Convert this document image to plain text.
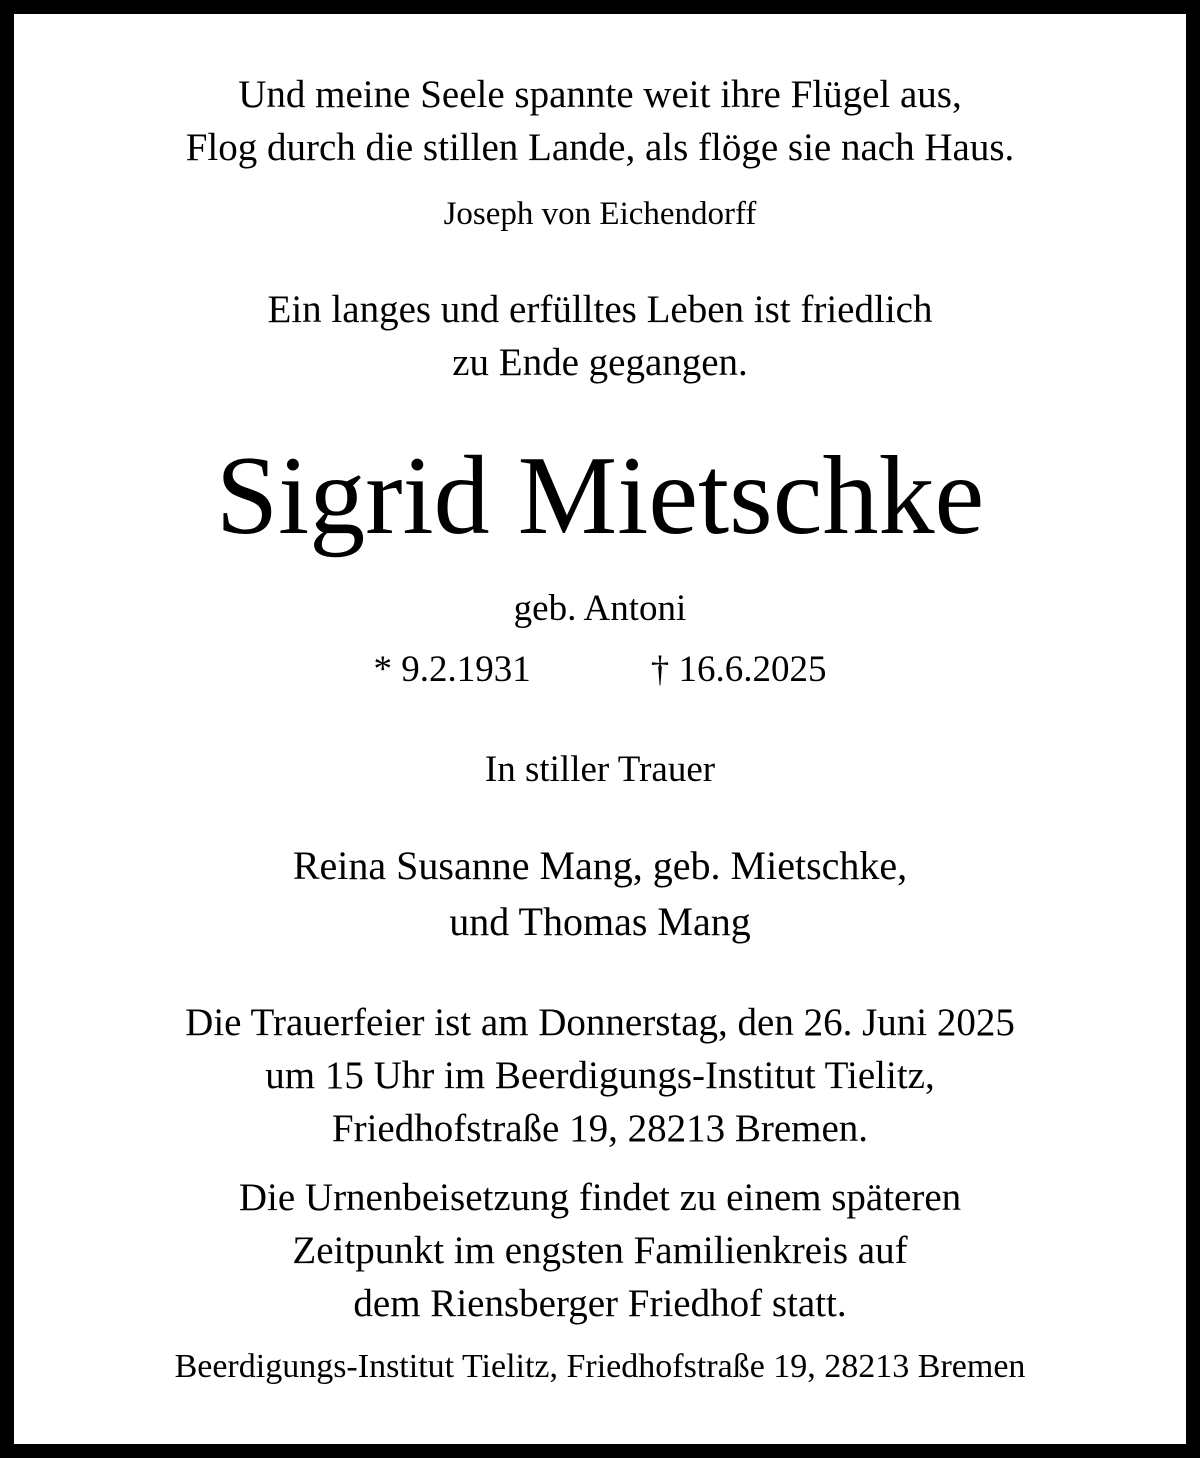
Und meine Seele spannte weit ihre Flügel aus,
Flog durch die stillen Lande, als flöge sie nach Haus.
Joseph von Eichendorff
Ein langes und erfülltes Leben ist friedlich
zu Ende gegangen.
Sigrid Mietschke
geb. Antoni
* 9.2.1931	† 16.6.2025
In stiller Trauer
Reina Susanne Mang, geb. Mietschke,
und Thomas Mang
Die Trauerfeier ist am Donnerstag, den 26. Juni 2025
um 15 Uhr im Beerdigungs-Institut Tielitz,
Friedhofstraße 19, 28213 Bremen.
Die Urnenbeisetzung findet zu einem späteren
Zeitpunkt im engsten Familienkreis auf
dem Riensberger Friedhof statt.
Beerdigungs-Institut Tielitz, Friedhofstraße 19, 28213 Bremen
